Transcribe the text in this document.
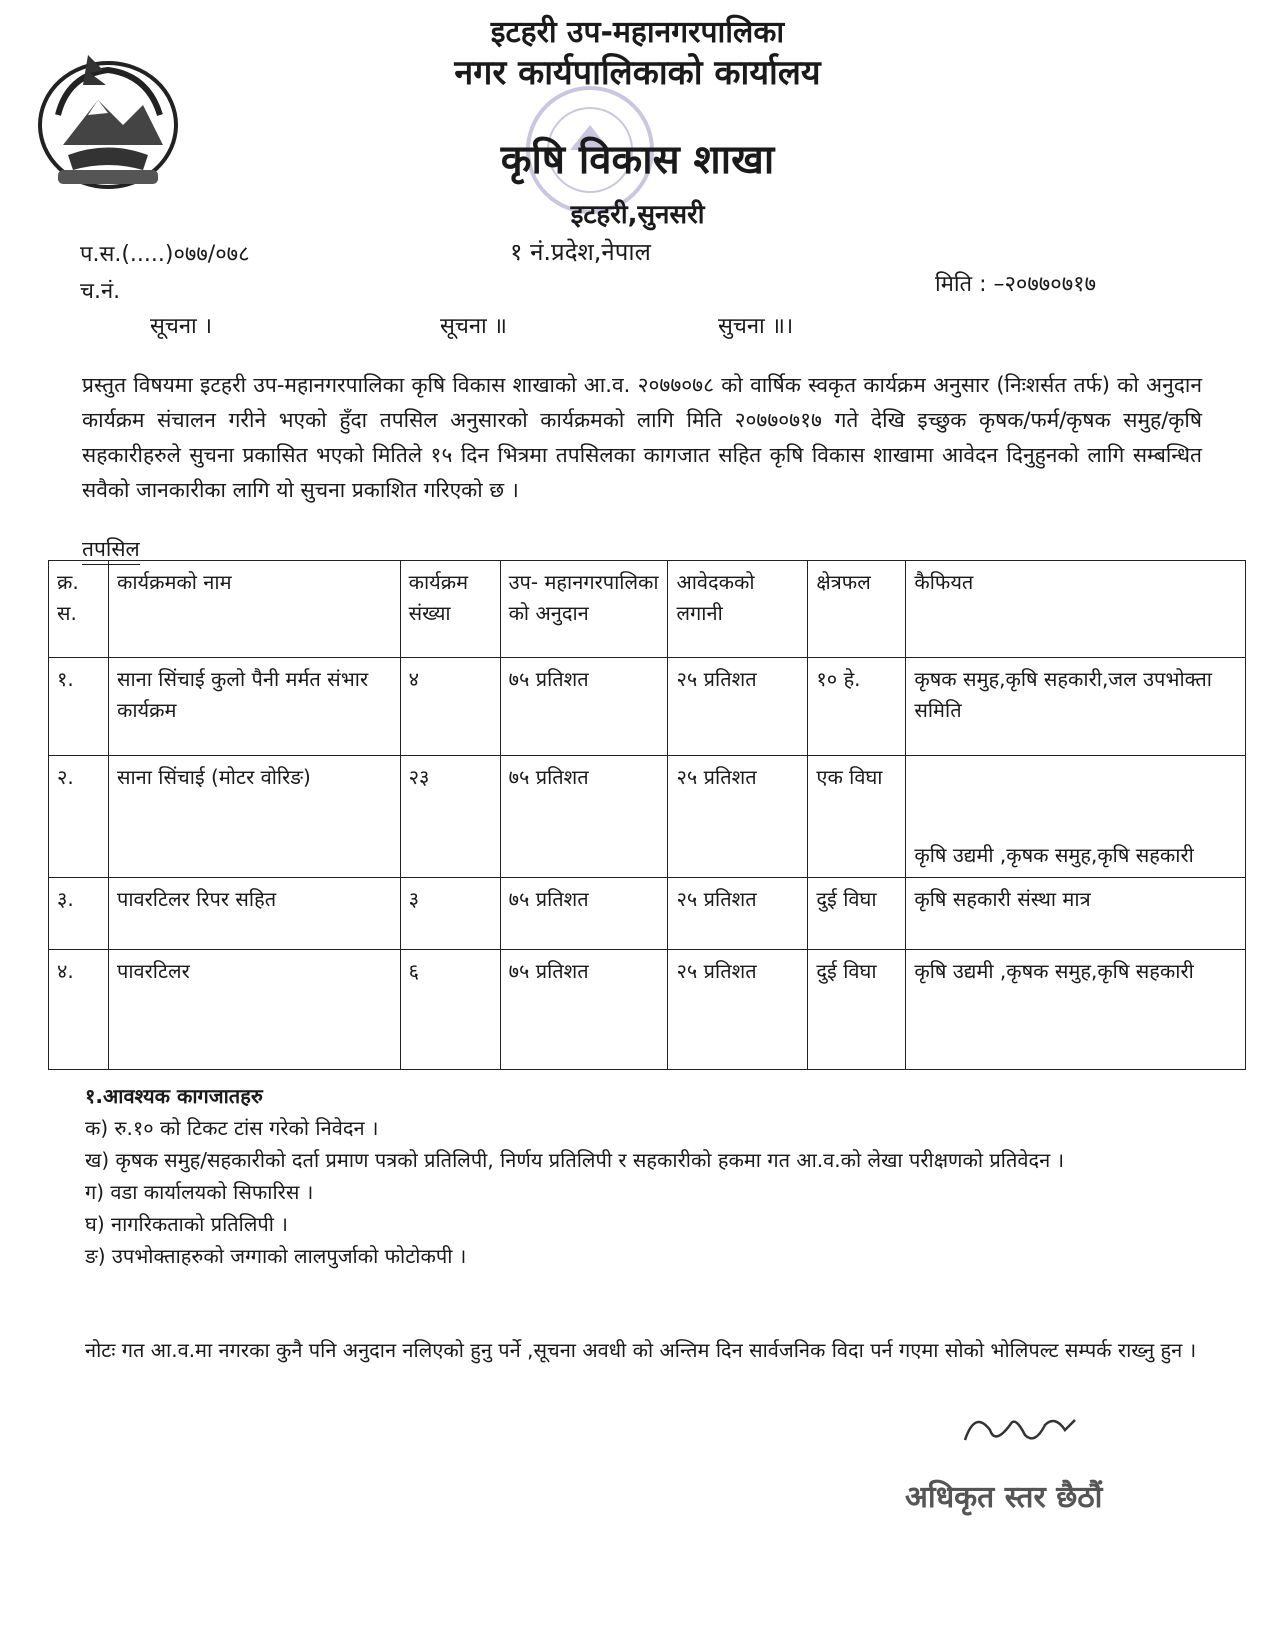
इटहरी उप-महानगरपालिका
नगर कार्यपालिकाको कार्यालय
कृषि विकास शाखा
इटहरी,सुनसरी
१ नं.प्रदेश,नेपाल
प.स.(.....)०७७/०७८
च.नं.	मिति : –२०७७०७१७
सूचना ।	सूचना ॥	सुचना ॥।

प्रस्तुत विषयमा इटहरी उप-महानगरपालिका कृषि विकास शाखाको आ.व. २०७७०७८ को वार्षिक स्वकृत कार्यक्रम अनुसार (निःशर्सत तर्फ) को अनुदान कार्यक्रम संचालन गरीने भएको हुँदा तपसिल अनुसारको कार्यक्रमको लागि मिति २०७७०७१७ गते देखि इच्छुक कृषक/फर्म/कृषक समुह/कृषि सहकारीहरुले सुचना प्रकासित भएको मितिले १५ दिन भित्रमा तपसिलका कागजात सहित कृषि विकास शाखामा आवेदन दिनुहुनको लागि सम्बन्धित सवैको जानकारीका लागि यो सुचना प्रकाशित गरिएको छ ।

तपसिल
क्र. स.	कार्यक्रमको नाम	कार्यक्रम संख्या	उप- महानगरपालिका को अनुदान	आवेदकको लगानी	क्षेत्रफल	कैफियत
१.	साना सिंचाई कुलो पैनी मर्मत संभार कार्यक्रम	४	७५ प्रतिशत	२५ प्रतिशत	१० हे.	कृषक समुह,कृषि सहकारी,जल उपभोक्ता समिति
२.	साना सिंचाई (मोटर वोरिङ)	२३	७५ प्रतिशत	२५ प्रतिशत	एक विघा	कृषि उद्यमी ,कृषक समुह,कृषि सहकारी
३.	पावरटिलर रिपर सहित	३	७५ प्रतिशत	२५ प्रतिशत	दुई विघा	कृषि सहकारी संस्था मात्र
४.	पावरटिलर	६	७५ प्रतिशत	२५ प्रतिशत	दुई विघा	कृषि उद्यमी ,कृषक समुह,कृषि सहकारी
१.आवश्यक कागजातहरु
क) रु.१० को टिकट टांस गरेको निवेदन ।
ख) कृषक समुह/सहकारीको दर्ता प्रमाण पत्रको प्रतिलिपी, निर्णय प्रतिलिपी र सहकारीको हकमा गत आ.व.को लेखा परीक्षणको प्रतिवेदन ।
ग) वडा कार्यालयको सिफारिस ।
घ) नागरिकताको प्रतिलिपी ।
ङ) उपभोक्ताहरुको जग्गाको लालपुर्जाको फोटोकपी ।
नोटः गत आ.व.मा नगरका कुनै पनि अनुदान नलिएको हुनु पर्ने ,सूचना अवधी को अन्तिम दिन सार्वजनिक विदा पर्न गएमा सोको भोलिपल्ट सम्पर्क राख्नु हुन ।
अधिकृत स्तर छैठौं
